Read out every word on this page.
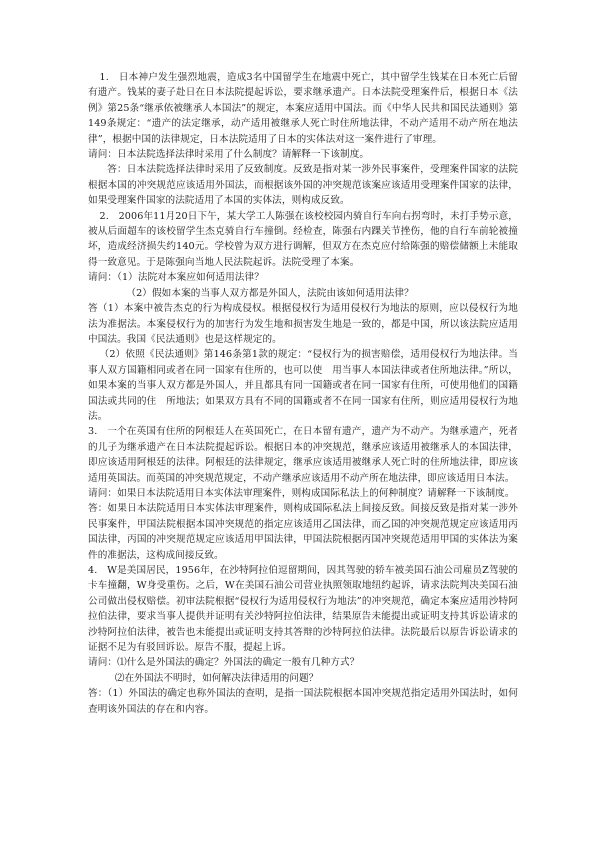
1.　日本神户发生强烈地震，造成3名中国留学生在地震中死亡，其中留学生钱某在日本死亡后留有遗产。钱某的妻子赴日在日本法院提起诉讼，要求继承遗产。日本法院受理案件后，根据日本《法例》第25条“继承依被继承人本国法”的规定，本案应适用中国法。而《中华人民共和国民法通则》第149条规定：“遗产的法定继承，动产适用被继承人死亡时住所地法律，不动产适用不动产所在地法律”，根据中国的法律规定，日本法院适用了日本的实体法对这一案件进行了审理。

请问：日本法院选择法律时采用了什么制度？请解释一下该制度。

答：日本法院选择法律时采用了反致制度。反致是指对某一涉外民事案件，受理案件国家的法院根据本国的冲突规范应该适用外国法，而根据该外国的冲突规范该案应该适用受理案件国家的法律，如果受理案件国家的法院适用了本国的实体法，则构成反致。

2.　2006年11月20日下午，某大学工人陈强在该校校园内骑自行车向右拐弯时，未打手势示意，被从后面超车的该校留学生杰克骑自行车撞倒。经检查，陈强右内踝关节挫伤，他的自行车前轮被撞坏，造成经济损失约140元。学校曾为双方进行调解，但双方在杰克应付给陈强的赔偿储额上未能取得一致意见。于是陈强向当地人民法院起诉。法院受理了本案。

请问：（1）法院对本案应如何适用法律？

（2）假如本案的当事人双方都是外国人，法院由该如何适用法律？

答（1）本案中被告杰克的行为构成侵权。根据侵权行为适用侵权行为地法的原则，应以侵权行为地法为准据法。本案侵权行为的加害行为发生地和损害发生地是一致的，都是中国，所以该法院应适用中国法。我国《民法通则》也是这样规定的。

（2）依照《民法通则》第146条第1款的规定：“侵权行为的损害赔偿，适用侵权行为地法律。当事人双方国籍相同或者在同一国家有住所的，也可以使　用当事人本国法律或者住所地法律。”所以，如果本案的当事人双方都是外国人，并且都具有同一国籍或者在同一国家有住所，可使用他们的国籍国法或共同的住　所地法；如果双方具有不同的国籍或者不在同一国家有住所，则应适用侵权行为地法。

3.　一个在英国有住所的阿根廷人在英国死亡，在日本留有遗产，遗产为不动产。为继承遗产，死者的儿子为继承遗产在日本法院提起诉讼。根据日本的冲突规范，继承应该适用被继承人的本国法律，即应该适用阿根廷的法律。阿根廷的法律规定，继承应该适用被继承人死亡时的住所地法律，即应该适用英国法。而英国的冲突规范规定，不动产继承应该适用不动产所在地法律，即应该适用日本法。

请问：如果日本法院适用日本实体法审理案件，则构成国际私法上的何种制度？请解释一下该制度。

答：如果日本法院适用日本实体法审理案件，则构成国际私法上间接反致。间接反致是指对某一涉外民事案件，甲国法院根据本国冲突规范的指定应该适用乙国法律，而乙国的冲突规范规定应该适用丙国法律，丙国的冲突规范规定应该适用甲国法律，甲国法院根据丙国冲突规范适用甲国的实体法为案件的准据法，这构成间接反致。

4.　W是美国居民，1956年，在沙特阿拉伯逗留期间，因其驾驶的轿车被美国石油公司雇员Z驾驶的卡车撞翻，W身受重伤。之后，W在美国石油公司营业执照领取地纽约起诉，请求法院判决美国石油公司做出侵权赔偿。初审法院根据“侵权行为适用侵权行为地法”的冲突规范，确定本案应适用沙特阿拉伯法律，要求当事人提供并证明有关沙特阿拉伯法律，结果原告未能提出或证明支持其诉讼请求的沙特阿拉伯法律，被告也未能提出或证明支持其答辩的沙特阿拉伯法律。法院最后以原告诉讼请求的证据不足为有驳回诉讼。原告不服，提起上诉。

请问：⑴什么是外国法的确定？外国法的确定一般有几种方式？

⑵在外国法不明时，如何解决法律适用的问题？

答：（1）外国法的确定也称外国法的查明，是指一国法院根据本国冲突规范指定适用外国法时，如何查明该外国法的存在和内容。
